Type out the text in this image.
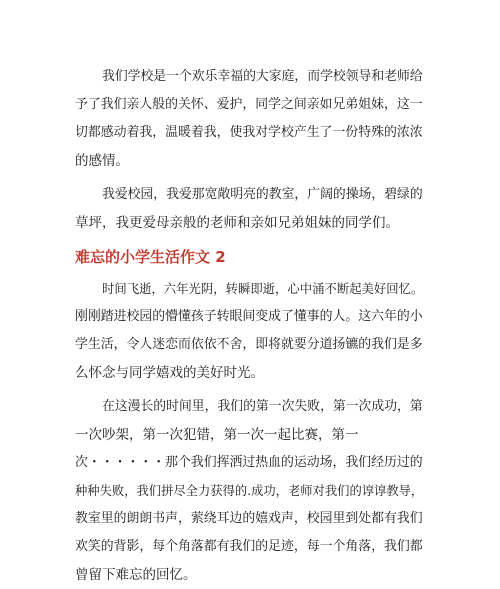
我们学校是一个欢乐幸福的大家庭，而学校领导和老师给
予了我们亲人般的关怀、爱护，同学之间亲如兄弟姐妹，这一
切都感动着我，温暖着我，使我对学校产生了一份特殊的浓浓
的感情。

我爱校园，我爱那宽敞明亮的教室，广阔的操场，碧绿的
草坪，我更爱母亲般的老师和亲如兄弟姐妹的同学们。

难忘的小学生活作文 2

时间飞逝，六年光阴，转瞬即逝，心中涌不断起美好回忆。
刚刚踏进校园的懵懂孩子转眼间变成了懂事的人。这六年的小
学生活，令人迷恋而依依不舍，即将就要分道扬镳的我们是多
么怀念与同学嬉戏的美好时光。

在这漫长的时间里，我们的第一次失败，第一次成功，第
一次吵架，第一次犯错，第一次一起比赛，第一
次・・・・・・那个我们挥洒过热血的运动场，我们经历过的
种种失败，我们拼尽全力获得的.成功，老师对我们的谆谆教导，
教室里的朗朗书声，萦绕耳边的嬉戏声，校园里到处都有我们
欢笑的背影，每个角落都有我们的足迹，每一个角落，我们都
曾留下难忘的回忆。
